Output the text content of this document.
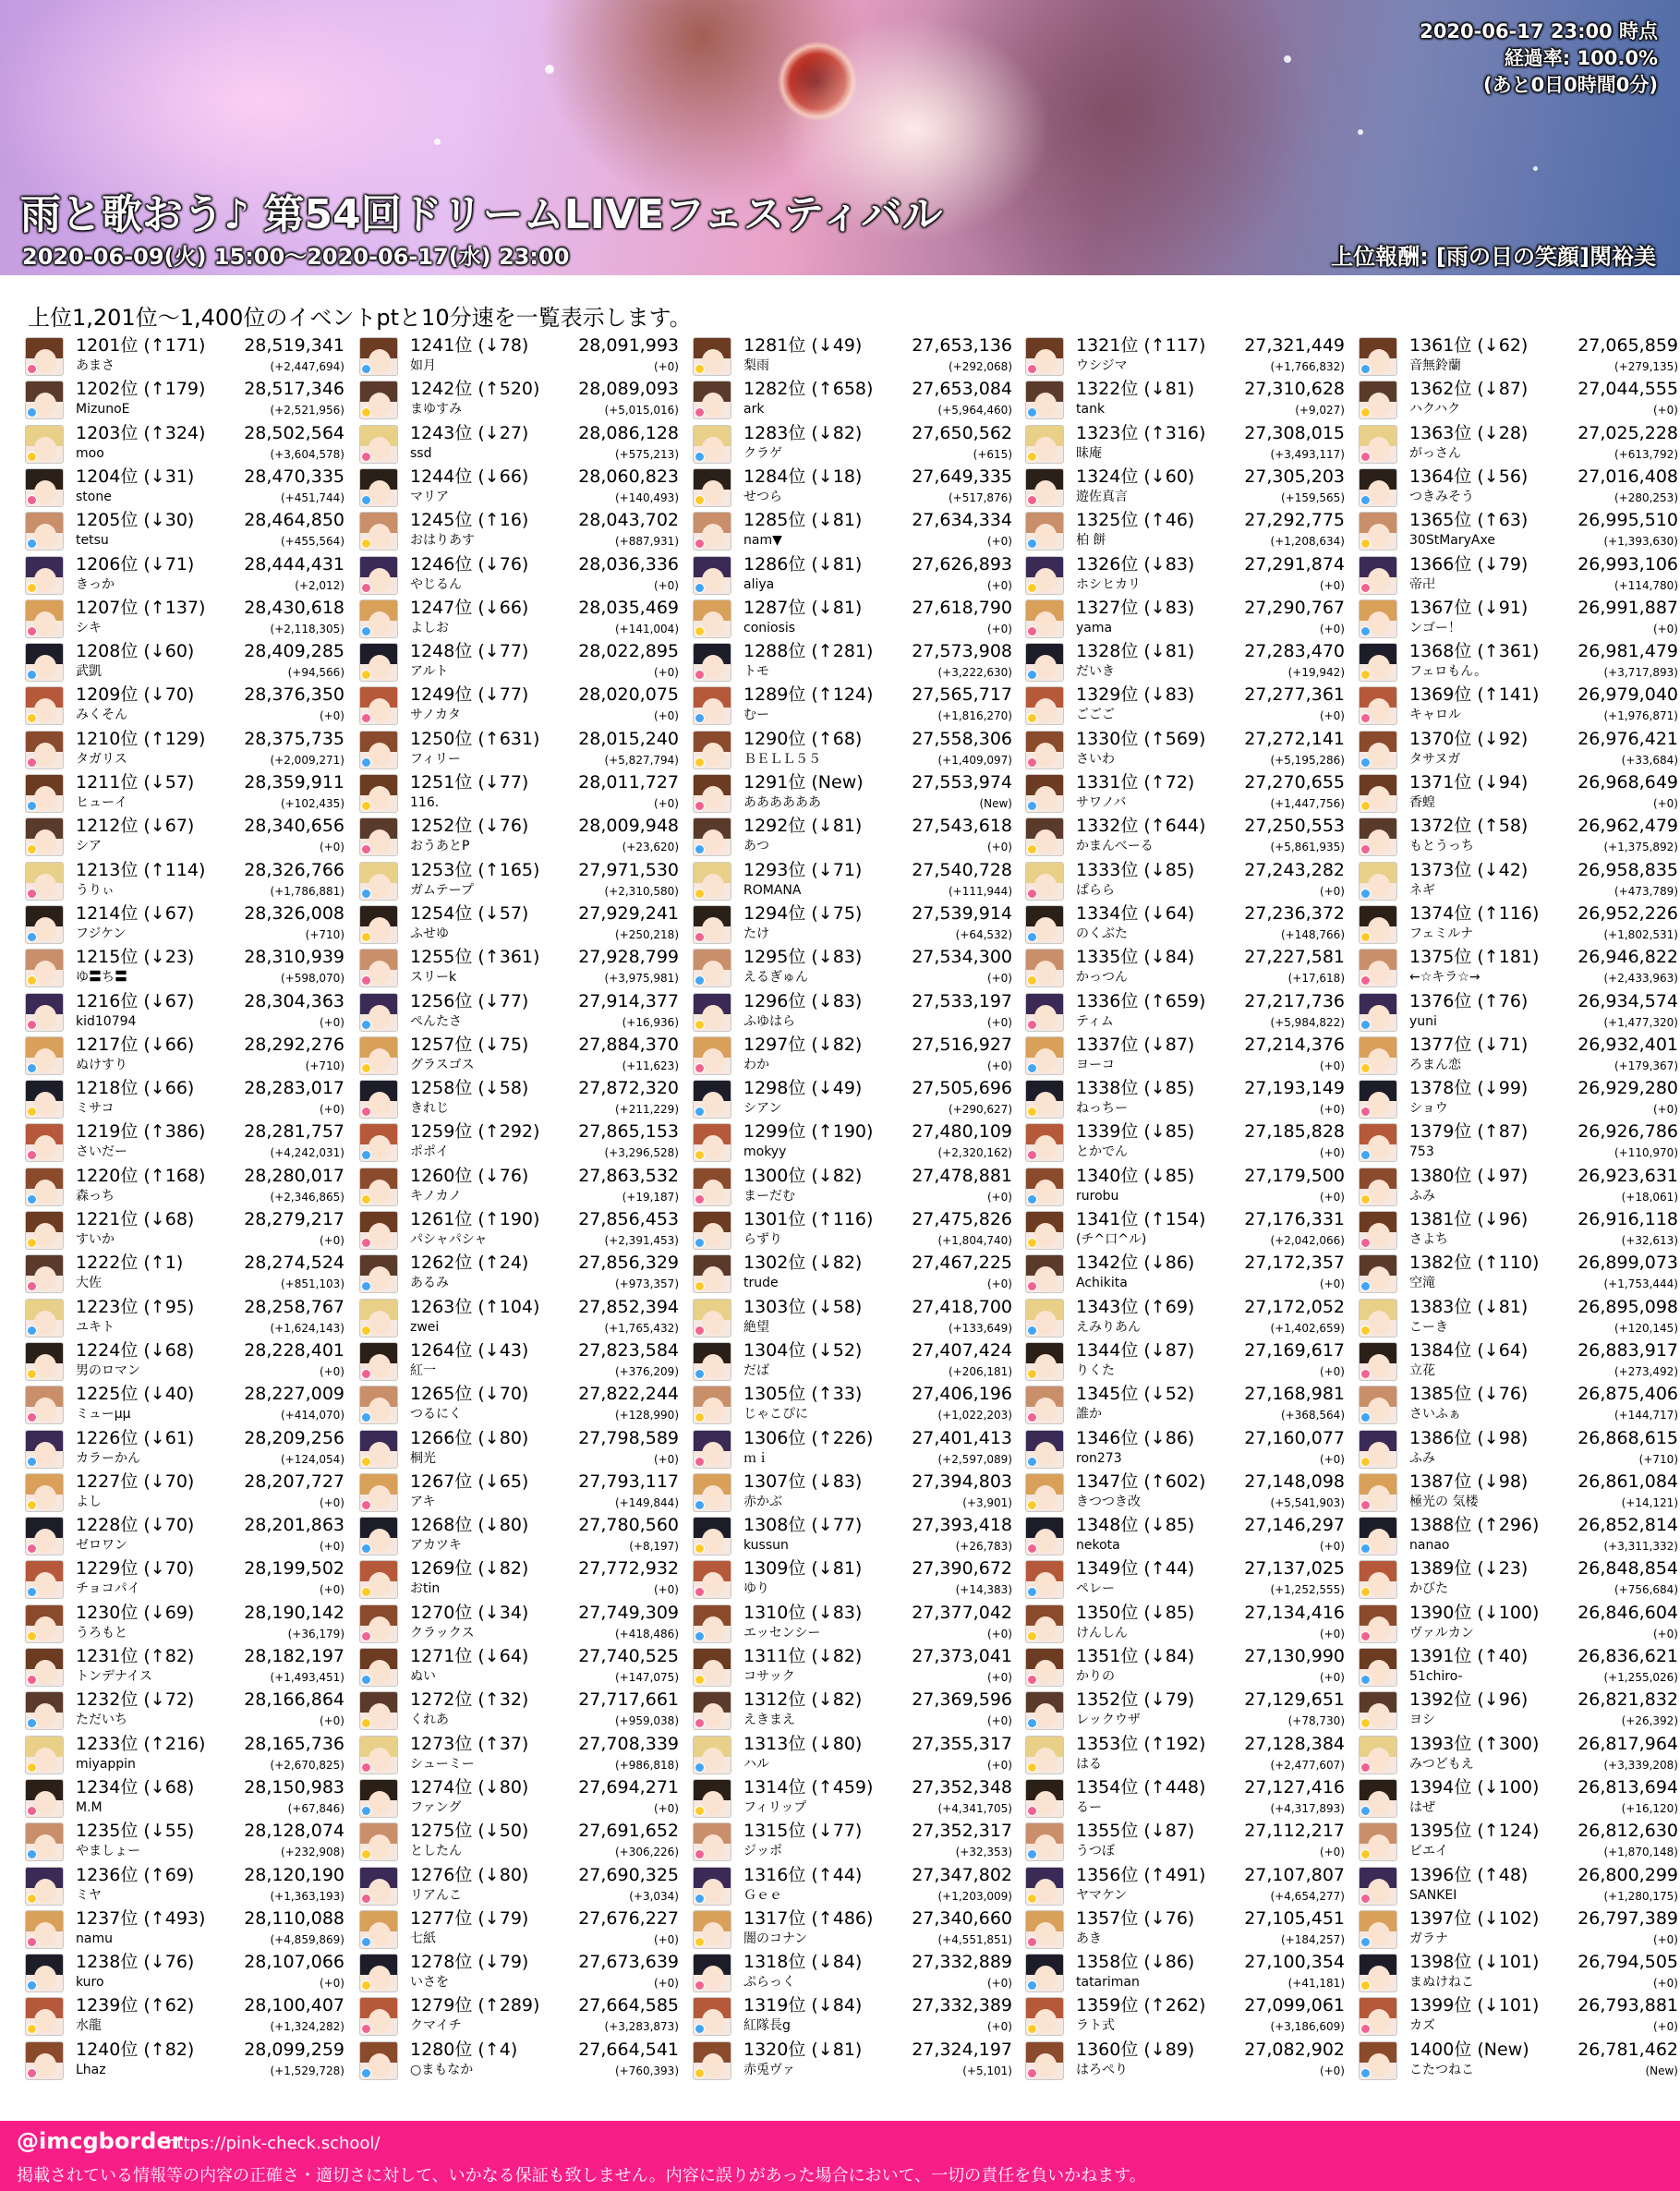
2020-06-17 23:00 時点
経過率: 100.0%
(あと0日0時間0分)
雨と歌おう♪ 第54回ドリームLIVEフェスティバル
2020-06-09(火) 15:00～2020-06-17(水) 23:00	上位報酬: [雨の日の笑顔]関裕美
上位1,201位～1,400位のイベントptと10分速を一覧表示します。
1201位 (↑171) 28,519,341
あまさ	(+2,447,694)
1202位 (↑179) 28,517,346
MizunoE	(+2,521,956)
1203位 (↑324) 28,502,564
moo	(+3,604,578)
1204位 (↓31)	28,470,335
stone	(+451,744)
1205位 (↓30)	28,464,850
tetsu	(+455,564)
1206位 (↓71)	28,444,431
きっか	(+2,012)
1207位 (↑137) 28,430,618
シキ	(+2,118,305)
1208位 (↓60)	28,409,285
武凱	(+94,566)
1209位 (↓70)	28,376,350
みくそん	(+0)
1210位 (↑129) 28,375,735
タガリス	(+2,009,271)
1211位 (↓57)	28,359,911
ヒューイ	(+102,435)
1212位 (↓67)	28,340,656
シア	(+0)
1213位 (↑114) 28,326,766
うりぃ	(+1,786,881)
1214位 (↓67)	28,326,008
フジケン	(+710)
1215位 (↓23)	28,310,939
ゆ〓ち〓	(+598,070)
1216位 (↓67)	28,304,363
kid10794	(+0)
1217位 (↓66)	28,292,276
ぬけすり	(+710)
1218位 (↓66)	28,283,017
ミサコ	(+0)
1219位 (↑386) 28,281,757
さいだー	(+4,242,031)
1220位 (↑168) 28,280,017
森っち	(+2,346,865)
1221位 (↓68)	28,279,217
すいか	(+0)
1222位 (↑1)	28,274,524
大佐	(+851,103)
1223位 (↑95)	28,258,767
ユキト	(+1,624,143)
1224位 (↓68)	28,228,401
男のロマン	(+0)
1225位 (↓40)	28,227,009
ミューμμ	(+414,070)
1226位 (↓61)	28,209,256
カラーかん	(+124,054)
1227位 (↓70)	28,207,727
よし	(+0)
1228位 (↓70)	28,201,863
ゼロワン	(+0)
1229位 (↓70)	28,199,502
チョコパイ	(+0)
1230位 (↓69)	28,190,142
うろもと	(+36,179)
1231位 (↑82)	28,182,197
トンデナイス	(+1,493,451)
1232位 (↓72)	28,166,864
ただいち	(+0)
1233位 (↑216) 28,165,736
miyappin	(+2,670,825)
1234位 (↓68)	28,150,983
M.M	(+67,846)
1235位 (↓55)	28,128,074
やましょー	(+232,908)
1236位 (↑69)	28,120,190
ミヤ	(+1,363,193)
1237位 (↑493) 28,110,088
namu	(+4,859,869)
1238位 (↓76)	28,107,066
kuro	(+0)
1239位 (↑62)	28,100,407
水龍	(+1,324,282)
1240位 (↑82)	28,099,259
Lhaz	(+1,529,728)
1241位 (↓78)	28,091,993
如月	(+0)
1242位 (↑520) 28,089,093
まゆすみ	(+5,015,016)
1243位 (↓27)	28,086,128
ssd	(+575,213)
1244位 (↓66)	28,060,823
マリア	(+140,493)
1245位 (↑16)	28,043,702
おはりあす	(+887,931)
1246位 (↓76)	28,036,336
やじるん	(+0)
1247位 (↓66)	28,035,469
よしお	(+141,004)
1248位 (↓77)	28,022,895
アルト	(+0)
1249位 (↓77)	28,020,075
サノカタ	(+0)
1250位 (↑631) 28,015,240
フィリー	(+5,827,794)
1251位 (↓77)	28,011,727
116.	(+0)
1252位 (↓76)	28,009,948
おうあとP	(+23,620)
1253位 (↑165) 27,971,530
ガムテープ	(+2,310,580)
1254位 (↓57)	27,929,241
ふせゆ	(+250,218)
1255位 (↑361) 27,928,799
スリーk	(+3,975,981)
1256位 (↓77)	27,914,377
ぺんたさ	(+16,936)
1257位 (↓75)	27,884,370
グラスゴス	(+11,623)
1258位 (↓58)	27,872,320
きれじ	(+211,229)
1259位 (↑292) 27,865,153
ポポイ	(+3,296,528)
1260位 (↓76)	27,863,532
キノカノ	(+19,187)
1261位 (↑190) 27,856,453
パシャパシャ	(+2,391,453)
1262位 (↑24)	27,856,329
あるみ	(+973,357)
1263位 (↑104) 27,852,394
zwei	(+1,765,432)
1264位 (↓43)	27,823,584
紅一	(+376,209)
1265位 (↓70)	27,822,244
つるにく	(+128,990)
1266位 (↓80)	27,798,589
桐光	(+0)
1267位 (↓65)	27,793,117
アキ	(+149,844)
1268位 (↓80)	27,780,560
アカツキ	(+8,197)
1269位 (↓82)	27,772,932
おtin	(+0)
1270位 (↓34)	27,749,309
クラックス	(+418,486)
1271位 (↓64)	27,740,525
ぬい	(+147,075)
1272位 (↑32)	27,717,661
くれあ	(+959,038)
1273位 (↑37)	27,708,339
シューミー	(+986,818)
1274位 (↓80)	27,694,271
ファング	(+0)
1275位 (↓50)	27,691,652
としたん	(+306,226)
1276位 (↓80)	27,690,325
リアんこ	(+3,034)
1277位 (↓79)	27,676,227
七紙	(+0)
1278位 (↓79)	27,673,639
いさを	(+0)
1279位 (↑289) 27,664,585
クマイチ	(+3,283,873)
1280位 (↑4)	27,664,541
○まもなか	(+760,393)
1281位 (↓49)	27,653,136
梨雨	(+292,068)
1282位 (↑658) 27,653,084
ark	(+5,964,460)
1283位 (↓82)	27,650,562
クラゲ	(+615)
1284位 (↓18)	27,649,335
せつら	(+517,876)
1285位 (↓81)	27,634,334
nam▼	(+0)
1286位 (↓81)	27,626,893
aliya	(+0)
1287位 (↓81)	27,618,790
coniosis	(+0)
1288位 (↑281) 27,573,908
トモ	(+3,222,630)
1289位 (↑124) 27,565,717
むー	(+1,816,270)
1290位 (↑68)	27,558,306
ＢＥＬＬ５５	(+1,409,097)
1291位 (New)	27,553,974
ああああああ	(New)
1292位 (↓81)	27,543,618
あつ	(+0)
1293位 (↓71)	27,540,728
ROMANA	(+111,944)
1294位 (↓75)	27,539,914
たけ	(+64,532)
1295位 (↓83)	27,534,300
えるぎゅん	(+0)
1296位 (↓83)	27,533,197
ふゆはら	(+0)
1297位 (↓82)	27,516,927
わか	(+0)
1298位 (↓49)	27,505,696
シアン	(+290,627)
1299位 (↑190) 27,480,109
mokyy	(+2,320,162)
1300位 (↓82)	27,478,881
まーだむ	(+0)
1301位 (↑116) 27,475,826
らずり	(+1,804,740)
1302位 (↓82)	27,467,225
trude	(+0)
1303位 (↓58)	27,418,700
絶望	(+133,649)
1304位 (↓52)	27,407,424
だば	(+206,181)
1305位 (↑33)	27,406,196
じゃこぴに	(+1,022,203)
1306位 (↑226) 27,401,413
ｍｉ	(+2,597,089)
1307位 (↓83)	27,394,803
赤かぶ	(+3,901)
1308位 (↓77)	27,393,418
kussun	(+26,783)
1309位 (↓81)	27,390,672
ゆり	(+14,383)
1310位 (↓83)	27,377,042
エッセンシー	(+0)
1311位 (↓82)	27,373,041
コサック	(+0)
1312位 (↓82)	27,369,596
えきまえ	(+0)
1313位 (↓80)	27,355,317
ハル	(+0)
1314位 (↑459) 27,352,348
フィリップ	(+4,341,705)
1315位 (↓77)	27,352,317
ジッポ	(+32,353)
1316位 (↑44)	27,347,802
Ｇｅｅ	(+1,203,009)
1317位 (↑486) 27,340,660
闇のコナン	(+4,551,851)
1318位 (↓84)	27,332,889
ぷらっく	(+0)
1319位 (↓84)	27,332,389
紅隊長g	(+0)
1320位 (↓81)	27,324,197
赤兎ヴァ	(+5,101)
1321位 (↑117) 27,321,449
ウシジマ	(+1,766,832)
1322位 (↓81)	27,310,628
tank	(+9,027)
1323位 (↑316) 27,308,015
昧庵	(+3,493,117)
1324位 (↓60)	27,305,203
遊佐真言	(+159,565)
1325位 (↑46)	27,292,775
柏 餅	(+1,208,634)
1326位 (↓83)	27,291,874
ホシヒカリ	(+0)
1327位 (↓83)	27,290,767
yama	(+0)
1328位 (↓81)	27,283,470
だいき	(+19,942)
1329位 (↓83)	27,277,361
ごごご	(+0)
1330位 (↑569) 27,272,141
さいわ	(+5,195,286)
1331位 (↑72)	27,270,655
サワノバ	(+1,447,756)
1332位 (↑644) 27,250,553
かまんべーる	(+5,861,935)
1333位 (↓85)	27,243,282
ぱらら	(+0)
1334位 (↓64)	27,236,372
のくぶた	(+148,766)
1335位 (↓84)	27,227,581
かっつん	(+17,618)
1336位 (↑659) 27,217,736
ティム	(+5,984,822)
1337位 (↓87)	27,214,376
ヨーコ	(+0)
1338位 (↓85)	27,193,149
ねっちー	(+0)
1339位 (↓85)	27,185,828
とかでん	(+0)
1340位 (↓85)	27,179,500
rurobu	(+0)
1341位 (↑154) 27,176,331
(チ^口^ル)	(+2,042,066)
1342位 (↓86)	27,172,357
Achikita	(+0)
1343位 (↑69)	27,172,052
えみりあん	(+1,402,659)
1344位 (↓87)	27,169,617
りくた	(+0)
1345位 (↓52)	27,168,981
誰か	(+368,564)
1346位 (↓86)	27,160,077
ron273	(+0)
1347位 (↑602) 27,148,098
きつつき改	(+5,541,903)
1348位 (↓85)	27,146,297
nekota	(+0)
1349位 (↑44)	27,137,025
ペレー	(+1,252,555)
1350位 (↓85)	27,134,416
けんしん	(+0)
1351位 (↓84)	27,130,990
かりの	(+0)
1352位 (↓79)	27,129,651
レックウザ	(+78,730)
1353位 (↑192) 27,128,384
はる	(+2,477,607)
1354位 (↑448) 27,127,416
るー	(+4,317,893)
1355位 (↓87)	27,112,217
うつぼ	(+0)
1356位 (↑491) 27,107,807
ヤマケン	(+4,654,277)
1357位 (↓76)	27,105,451
あき	(+184,257)
1358位 (↓86)	27,100,354
tatariman	(+41,181)
1359位 (↑262) 27,099,061
ラト式	(+3,186,609)
1360位 (↓89)	27,082,902
はろぺり	(+0)
1361位 (↓62)	27,065,859
音無鈴蘭	(+279,135)
1362位 (↓87)	27,044,555
ハクハク	(+0)
1363位 (↓28)	27,025,228
がっさん	(+613,792)
1364位 (↓56)	27,016,408
つきみそう	(+280,253)
1365位 (↑63)	26,995,510
30StMaryAxe	(+1,393,630)
1366位 (↓79)	26,993,106
帝卍	(+114,780)
1367位 (↓91)	26,991,887
ンゴー！	(+0)
1368位 (↑361) 26,981,479
フェロもん。	(+3,717,893)
1369位 (↑141) 26,979,040
キャロル	(+1,976,871)
1370位 (↓92)	26,976,421
タサヌガ	(+33,684)
1371位 (↓94)	26,968,649
香蝗	(+0)
1372位 (↑58)	26,962,479
もとうっち	(+1,375,892)
1373位 (↓42)	26,958,835
ネギ	(+473,789)
1374位 (↑116) 26,952,226
フェミルナ	(+1,802,531)
1375位 (↑181) 26,946,822
←☆キラ☆→	(+2,433,963)
1376位 (↑76)	26,934,574
yuni	(+1,477,320)
1377位 (↓71)	26,932,401
ろまん恋	(+179,367)
1378位 (↓99)	26,929,280
ショウ	(+0)
1379位 (↑87)	26,926,786
753	(+110,970)
1380位 (↓97)	26,923,631
ふみ	(+18,061)
1381位 (↓96)	26,916,118
さよち	(+32,613)
1382位 (↑110) 26,899,073
空滝	(+1,753,444)
1383位 (↓81)	26,895,098
こーき	(+120,145)
1384位 (↓64)	26,883,917
立花	(+273,492)
1385位 (↓76)	26,875,406
さいふぁ	(+144,717)
1386位 (↓98)	26,868,615
ふみ	(+710)
1387位 (↓98)	26,861,084
極光の 気楼	(+14,121)
1388位 (↑296) 26,852,814
nanao	(+3,311,332)
1389位 (↓23)	26,848,854
かびた	(+756,684)
1390位 (↓100) 26,846,604
ヴァルカン	(+0)
1391位 (↑40)	26,836,621
51chiro-	(+1,255,026)
1392位 (↓96)	26,821,832
ヨシ	(+26,392)
1393位 (↑300) 26,817,964
みつどもえ	(+3,339,208)
1394位 (↓100) 26,813,694
はぜ	(+16,120)
1395位 (↑124) 26,812,630
ビエイ	(+1,870,148)
1396位 (↑48)	26,800,299
SANKEI	(+1,280,175)
1397位 (↓102) 26,797,389
ガラナ	(+0)
1398位 (↓101) 26,794,505
まぬけねこ	(+0)
1399位 (↓101) 26,793,881
カズ	(+0)
1400位 (New)	26,781,462
こたつねこ	(New)
@imcgborder
https://pink-check.school/
掲載されている情報等の内容の正確さ・適切さに対して、いかなる保証も致しません。内容に誤りがあった場合において、一切の責任を負いかねます。
